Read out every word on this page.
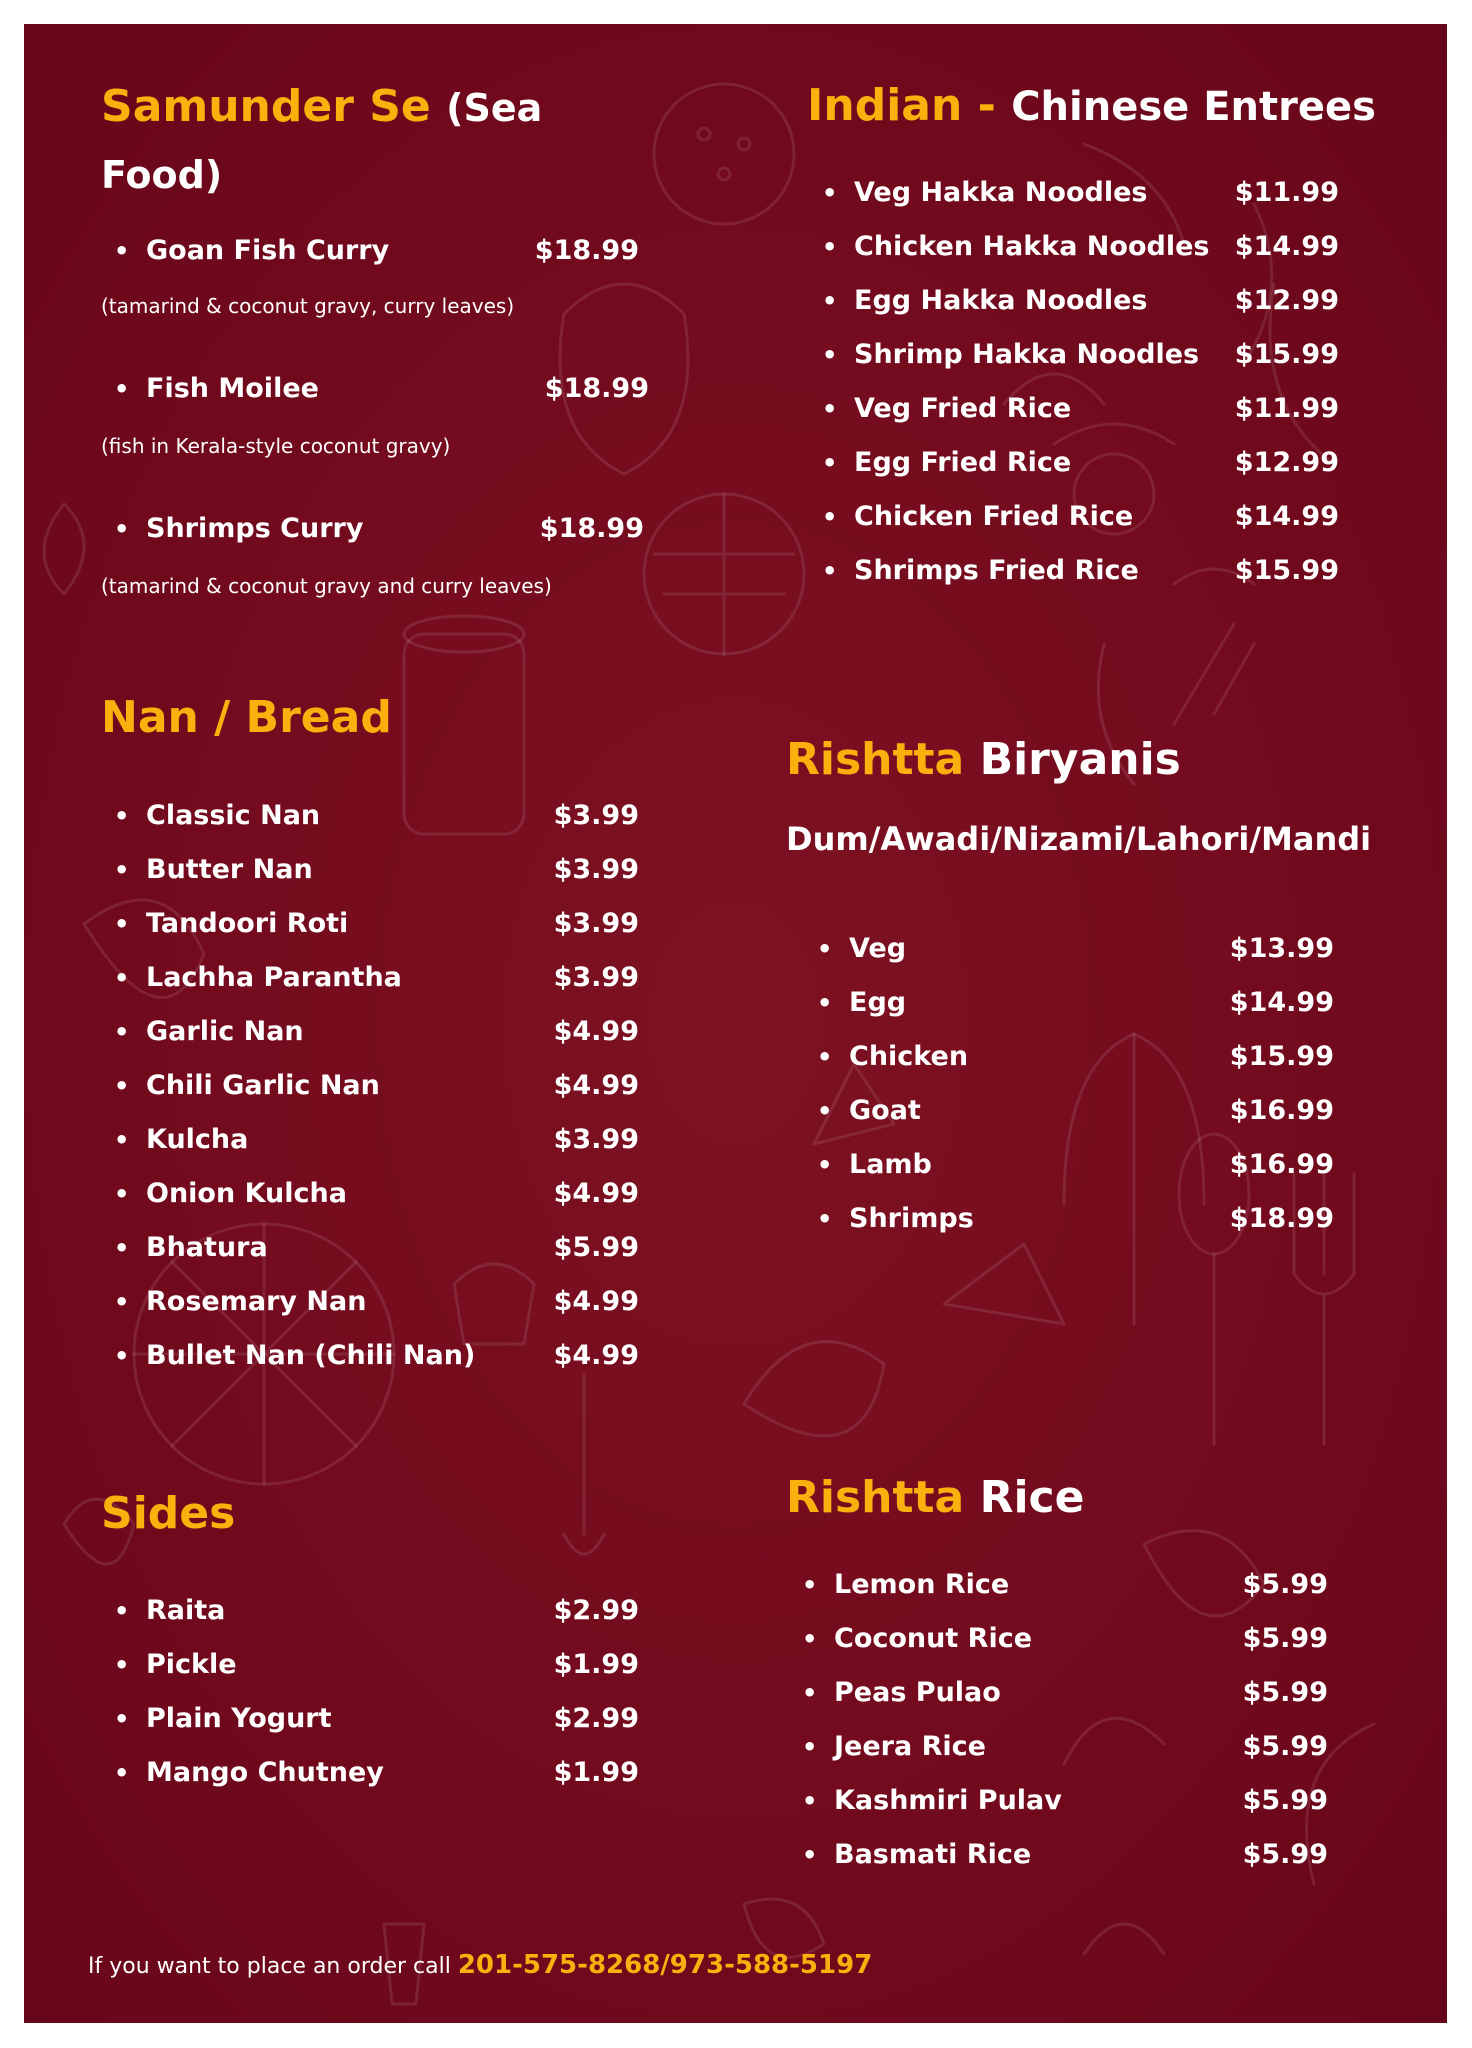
Samunder Se (Sea
Food)
• Goan Fish Curry	$18.99

(tamarind & coconut gravy, curry leaves)

• Fish Moilee	$18.99

(fish in Kerala-style coconut gravy)

• Shrimps Curry	$18.99

(tamarind & coconut gravy and curry leaves)

Indian - Chinese Entrees
• Veg Hakka Noodles	$11.99
• Chicken Hakka Noodles $14.99
• Egg Hakka Noodles	$12.99
• Shrimp Hakka Noodles $15.99
• Veg Fried Rice	$11.99
• Egg Fried Rice	$12.99
• Chicken Fried Rice	$14.99
• Shrimps Fried Rice	$15.99
Nan / Bread
• Classic Nan	$3.99
• Butter Nan	$3.99
• Tandoori Roti	$3.99
• Lachha Parantha	$3.99
• Garlic Nan	$4.99
• Chili Garlic Nan	$4.99
• Kulcha	$3.99
• Onion Kulcha	$4.99
• Bhatura	$5.99
• Rosemary Nan	$4.99
• Bullet Nan (Chili Nan)	$4.99
Rishtta Biryanis
Dum/Awadi/Nizami/Lahori/Mandi
• Veg	$13.99
• Egg	$14.99
• Chicken	$15.99
• Goat	$16.99
• Lamb	$16.99
• Shrimps	$18.99
Sides
• Raita	$2.99
• Pickle	$1.99
• Plain Yogurt	$2.99
• Mango Chutney	$1.99
Rishtta Rice
• Lemon Rice	$5.99
• Coconut Rice	$5.99
• Peas Pulao	$5.99
• Jeera Rice	$5.99
• Kashmiri Pulav	$5.99
• Basmati Rice	$5.99
If you want to place an order call 201-575-8268/973-588-5197
